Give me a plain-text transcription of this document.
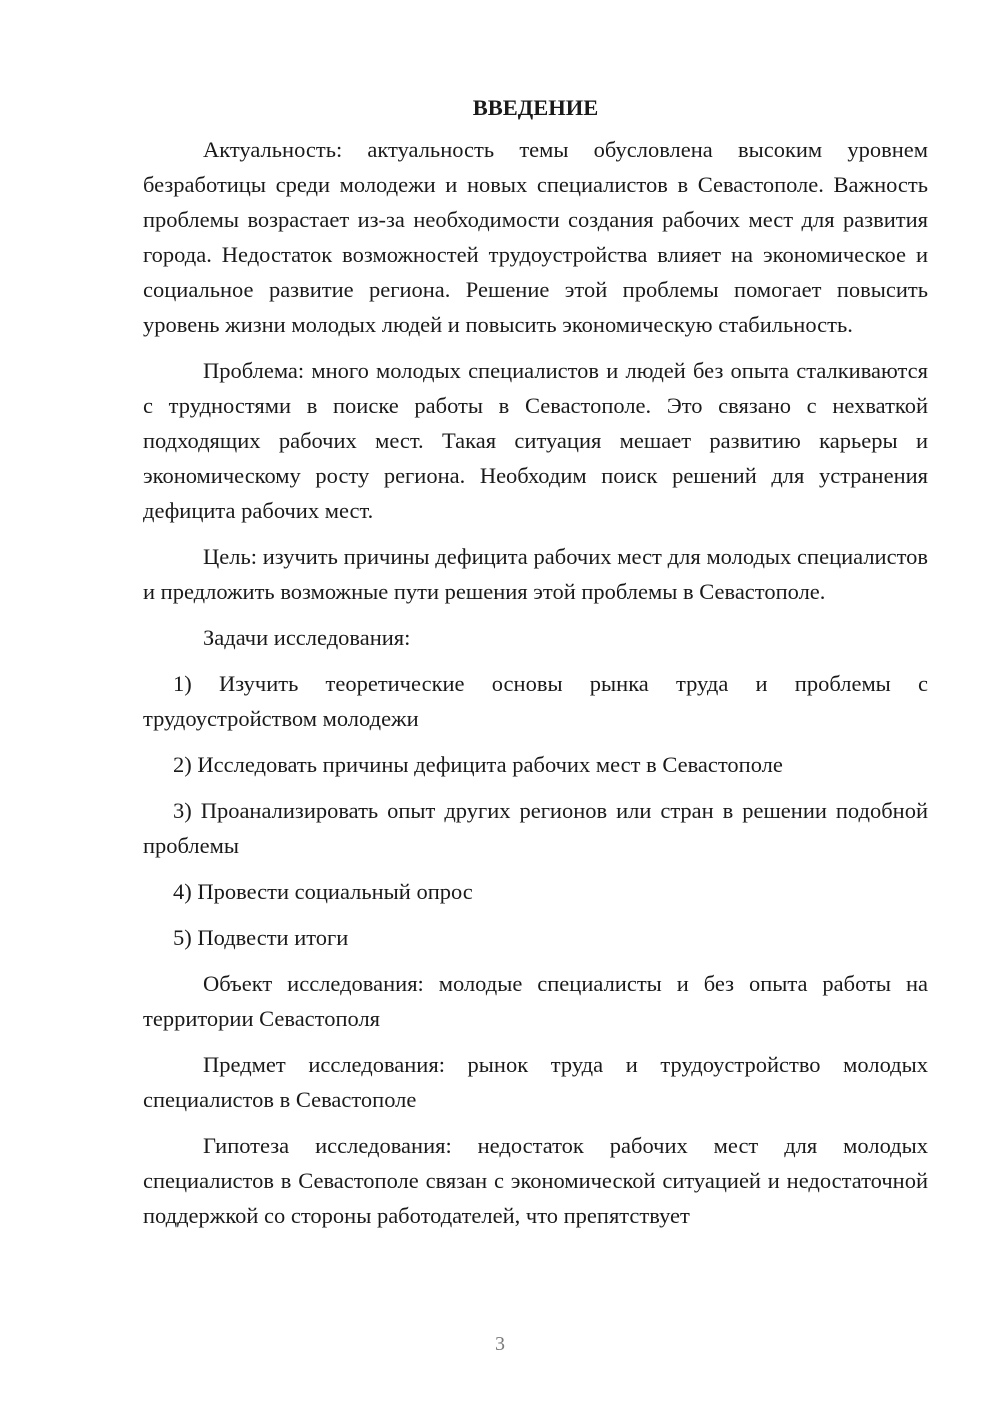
ВВЕДЕНИЕ

Актуальность: актуальность темы обусловлена высоким уровнем безработицы среди молодежи и новых специалистов в Севастополе. Важность проблемы возрастает из-за необходимости создания рабочих мест для развития города. Недостаток возможностей трудоустройства влияет на экономическое и социальное развитие региона. Решение этой проблемы помогает повысить уровень жизни молодых людей и повысить экономическую стабильность.

Проблема: много молодых специалистов и людей без опыта сталкиваются с трудностями в поиске работы в Севастополе. Это связано с нехваткой подходящих рабочих мест. Такая ситуация мешает развитию карьеры и экономическому росту региона. Необходим поиск решений для устранения дефицита рабочих мест.

Цель: изучить причины дефицита рабочих мест для молодых специалистов и предложить возможные пути решения этой проблемы в Севастополе.

Задачи исследования:

1) Изучить теоретические основы рынка труда и проблемы с трудоустройством молодежи

2) Исследовать причины дефицита рабочих мест в Севастополе

3) Проанализировать опыт других регионов или стран в решении подобной проблемы

4) Провести социальный опрос

5) Подвести итоги

Объект исследования: молодые специалисты и без опыта работы на территории Севастополя

Предмет исследования: рынок труда и трудоустройство молодых специалистов в Севастополе

Гипотеза исследования: недостаток рабочих мест для молодых специалистов в Севастополе связан с экономической ситуацией и недостаточной поддержкой со стороны работодателей, что препятствует

3
